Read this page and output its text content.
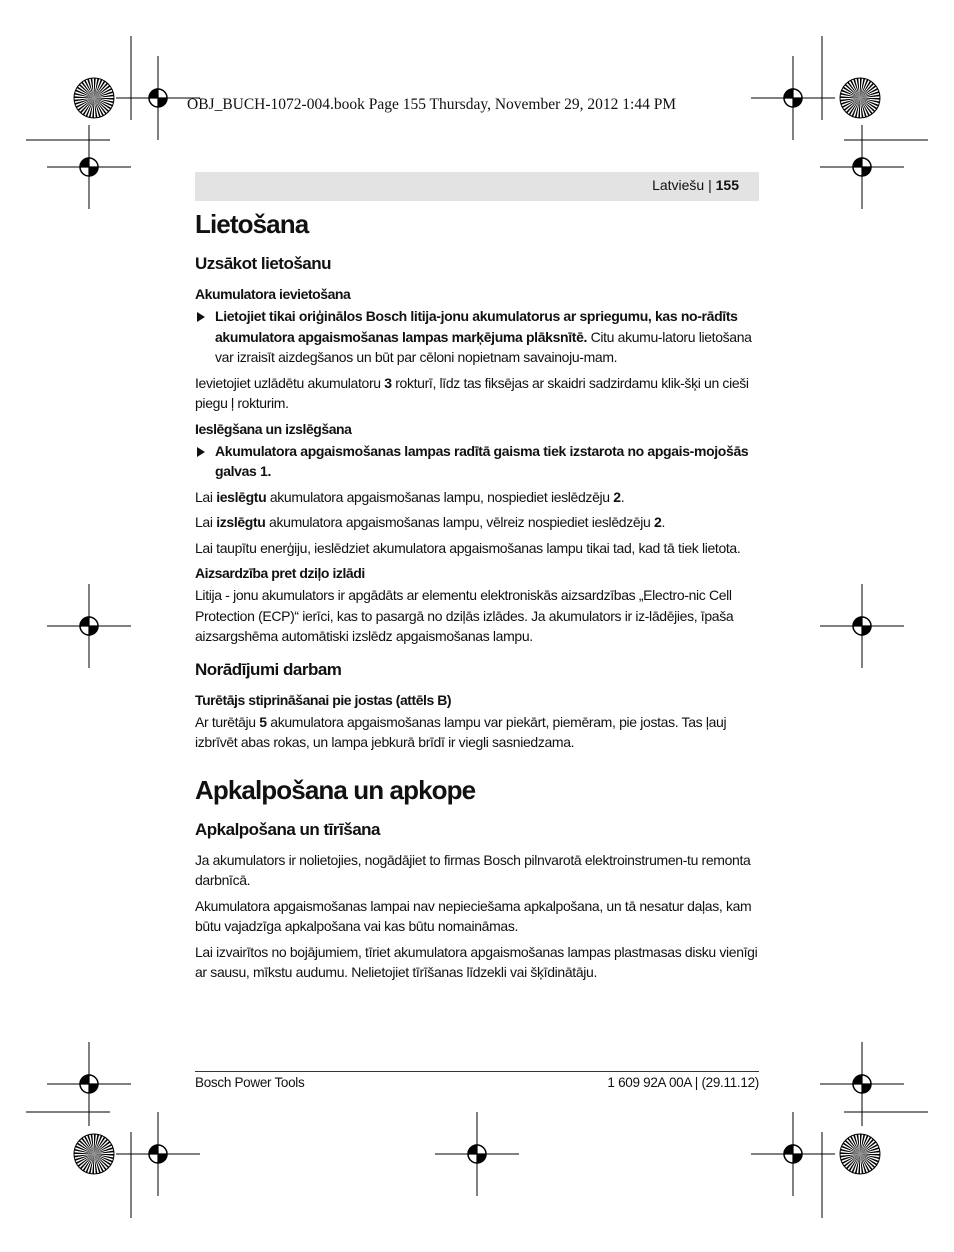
OBJ_BUCH-1072-004.book Page 155 Thursday, November 29, 2012 1:44 PM
Latviešu | 155
Lietošana
Uzsākot lietošanu
Akumulatora ievietošana
Lietojiet tikai oriģinālos Bosch litija-jonu akumulatorus ar spriegumu, kas no-rādīts akumulatora apgaismošanas lampas marķējuma plāksnītē. Citu akumu-latoru lietošana var izraisīt aizdegšanos un būt par cēloni nopietnam savainoju-mam.

Ievietojiet uzlādētu akumulatoru 3 rokturī, līdz tas fiksējas ar skaidri sadzirdamu klik-šķi un cieši piegu ļ rokturim.

Ieslēgšana un izslēgšana
Akumulatora apgaismošanas lampas radītā gaisma tiek izstarota no apgais-mojošās galvas 1.

Lai ieslēgtu akumulatora apgaismošanas lampu, nospiediet ieslēdzēju 2.

Lai izslēgtu akumulatora apgaismošanas lampu, vēlreiz nospiediet ieslēdzēju 2.

Lai taupītu enerģiju, ieslēdziet akumulatora apgaismošanas lampu tikai tad, kad tā tiek lietota.

Aizsardzība pret dziļo izlādi

Litija - jonu akumulators ir apgādāts ar elementu elektroniskās aizsardzības „Electro-nic Cell Protection (ECP)“ ierīci, kas to pasargā no dziļās izlādes. Ja akumulators ir iz-lādējies, īpaša aizsargshēma automātiski izslēdz apgaismošanas lampu.

Norādījumi darbam
Turētājs stiprināšanai pie jostas (attēls B)

Ar turētāju 5 akumulatora apgaismošanas lampu var piekārt, piemēram, pie jostas. Tas ļauj izbrīvēt abas rokas, un lampa jebkurā brīdī ir viegli sasniedzama.

Apkalpošana un apkope
Apkalpošana un tīrīšana

Ja akumulators ir nolietojies, nogādājiet to firmas Bosch pilnvarotā elektroinstrumen-tu remonta darbnīcā.

Akumulatora apgaismošanas lampai nav nepieciešama apkalpošana, un tā nesatur daļas, kam būtu vajadzīga apkalpošana vai kas būtu nomaināmas.

Lai izvairītos no bojājumiem, tīriet akumulatora apgaismošanas lampas plastmasas disku vienīgi ar sausu, mīkstu audumu. Nelietojiet tīrīšanas līdzekli vai šķīdinātāju.

Bosch Power Tools	1 609 92A 00A | (29.11.12)
